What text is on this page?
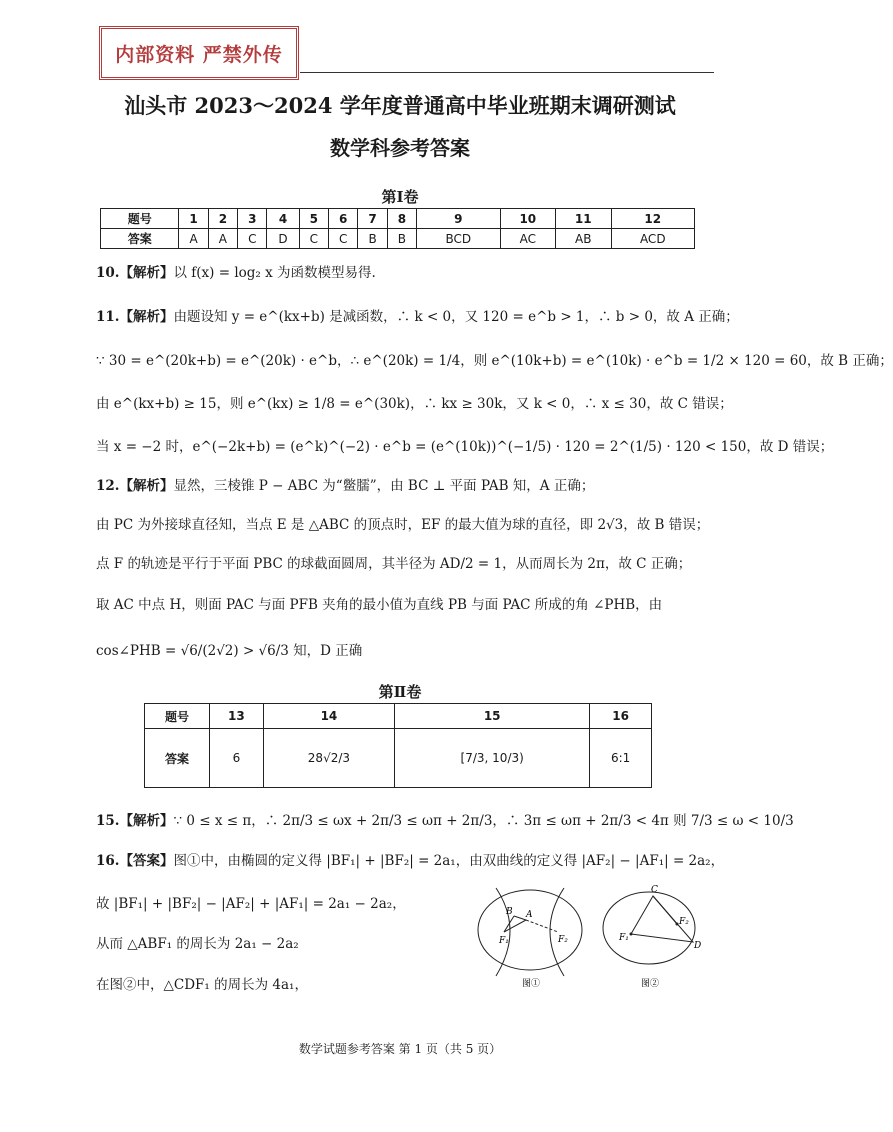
内部资料 严禁外传
汕头市 2023～2024 学年度普通高中毕业班期末调研测试
数学科参考答案
第Ⅰ卷
题号	1	2	3	4	5	6	7	8	9	10	11	12
答案	A	A	C	D	C	C	B	B	BCD	AC	AB	ACD
10.【解析】以 f(x) = log₂ x 为函数模型易得.
11.【解析】由题设知 y = e^(kx+b) 是减函数，∴ k < 0，又 120 = e^b > 1，∴ b > 0，故 A 正确；
∵ 30 = e^(20k+b) = e^(20k) · e^b，∴ e^(20k) = 1/4，则 e^(10k+b) = e^(10k) · e^b = 1/2 × 120 = 60，故 B 正确；
由 e^(kx+b) ≥ 15，则 e^(kx) ≥ 1/8 = e^(30k)，∴ kx ≥ 30k，又 k < 0，∴ x ≤ 30，故 C 错误；
当 x = −2 时，e^(−2k+b) = (e^k)^(−2) · e^b = (e^(10k))^(−1/5) · 120 = 2^(1/5) · 120 < 150，故 D 错误；
12.【解析】显然，三棱锥 P − ABC 为“鳖臑”，由 BC ⊥ 平面 PAB 知，A 正确；
由 PC 为外接球直径知，当点 E 是 △ABC 的顶点时，EF 的最大值为球的直径，即 2√3，故 B 错误；
点 F 的轨迹是平行于平面 PBC 的球截面圆周，其半径为 AD/2 = 1，从而周长为 2π，故 C 正确；
取 AC 中点 H，则面 PAC 与面 PFB 夹角的最小值为直线 PB 与面 PAC 所成的角 ∠PHB，由
cos∠PHB = √6/(2√2) > √6/3 知，D 正确
第Ⅱ卷
题号	13	14	15	16
答案	6	28√2/3	[7/3, 10/3)	6:1
15.【解析】∵ 0 ≤ x ≤ π，∴ 2π/3 ≤ ωx + 2π/3 ≤ ωπ + 2π/3，∴ 3π ≤ ωπ + 2π/3 < 4π 则 7/3 ≤ ω < 10/3
16.【答案】图①中，由椭圆的定义得 |BF₁| + |BF₂| = 2a₁，由双曲线的定义得 |AF₂| − |AF₁| = 2a₂，
故 |BF₁| + |BF₂| − |AF₂| + |AF₁| = 2a₁ − 2a₂，
从而 △ABF₁ 的周长为 2a₁ − 2a₂
在图②中，△CDF₁ 的周长为 4a₁，
B A
F₁	F₂
图①
C
F₁
F₂
D
图②
数学试题参考答案 第 1 页（共 5 页）
